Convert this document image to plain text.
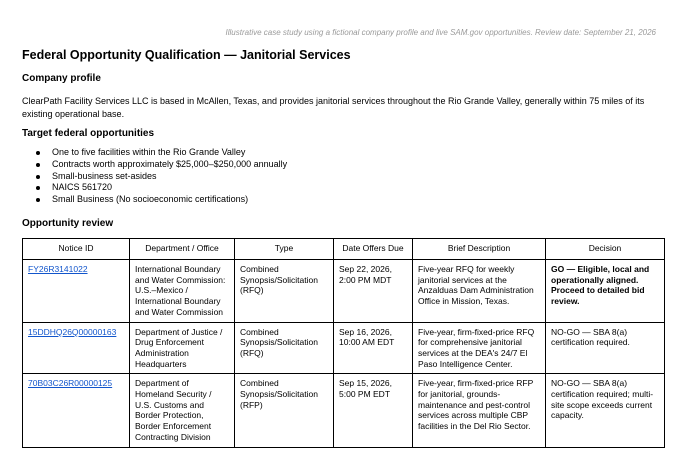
Illustrative case study using a fictional company profile and live SAM.gov opportunities. Review date: September 21, 2026
Federal Opportunity Qualification — Janitorial Services
Company profile

ClearPath Facility Services LLC is based in McAllen, Texas, and provides janitorial services throughout the Rio Grande Valley, generally within 75 miles of its existing operational base.

Target federal opportunities
One to five facilities within the Rio Grande Valley
Contracts worth approximately $25,000–$250,000 annually
Small-business set-asides
NAICS 561720
Small Business (No socioeconomic certifications)
Opportunity review
Notice ID	Department / Office	Type	Date Offers Due	Brief Description	Decision
FY26R3141022	International Boundary and Water Commission: U.S.–Mexico / International Boundary and Water Commission	Combined Synopsis/Solicitation (RFQ)	Sep 22, 2026, 2:00 PM MDT	Five-year RFQ for weekly janitorial services at the Anzalduas Dam Administration Office in Mission, Texas.	GO — Eligible, local and operationally aligned. Proceed to detailed bid review.
15DDHQ26Q00000163	Department of Justice / Drug Enforcement Administration Headquarters	Combined Synopsis/Solicitation (RFQ)	Sep 16, 2026, 10:00 AM EDT	Five-year, firm-fixed-price RFQ for comprehensive janitorial services at the DEA's 24/7 El Paso Intelligence Center.	NO-GO — SBA 8(a) certification required.
70B03C26R00000125	Department of Homeland Security / U.S. Customs and Border Protection, Border Enforcement Contracting Division	Combined Synopsis/Solicitation (RFP)	Sep 15, 2026, 5:00 PM EDT	Five-year, firm-fixed-price RFP for janitorial, grounds-maintenance and pest-control services across multiple CBP facilities in the Del Rio Sector.	NO-GO — SBA 8(a) certification required; multi-site scope exceeds current capacity.
